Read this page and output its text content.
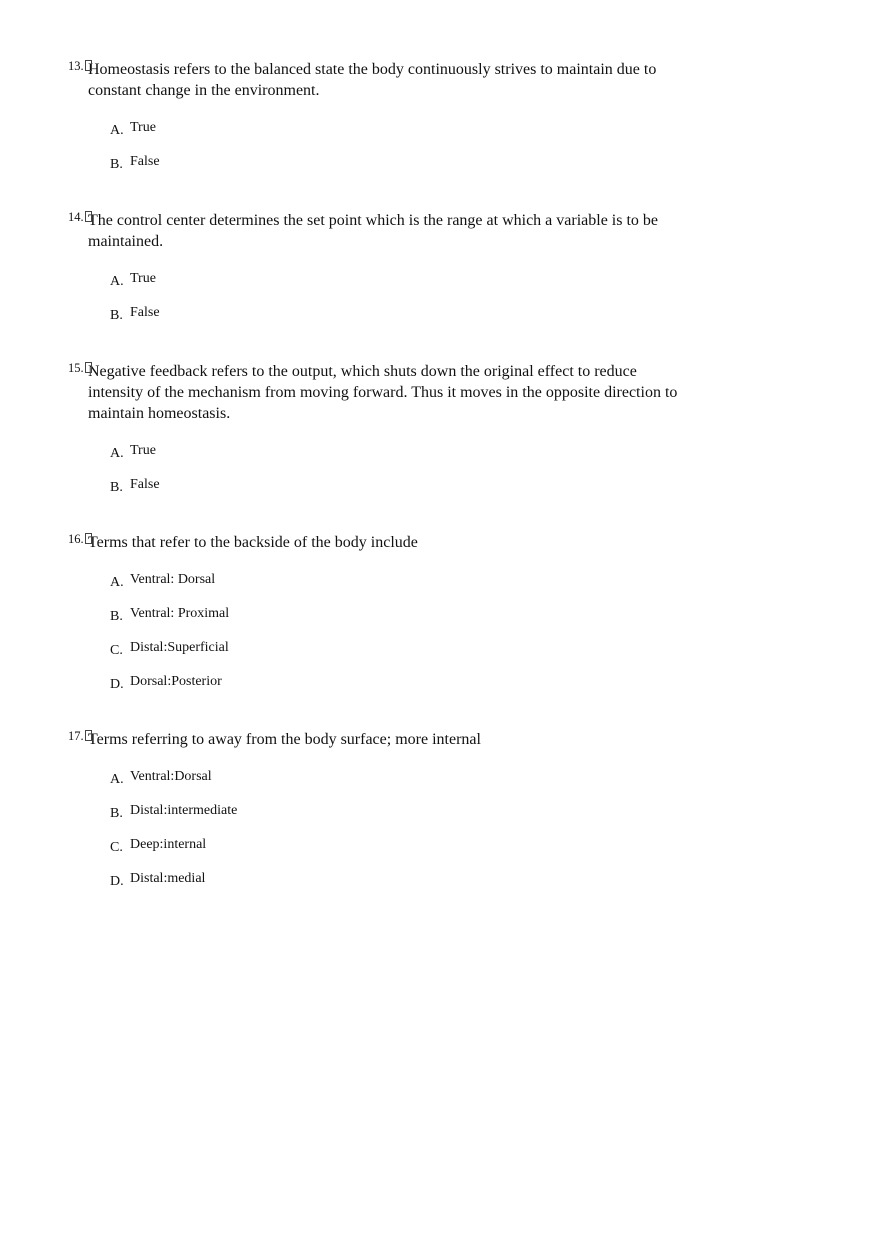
13. Homeostasis refers to the balanced state the body continuously strives to maintain due to constant change in the environment.
A. True
B. False
14. The control center determines the set point which is the range at which a variable is to be maintained.
A. True
B. False
15. Negative feedback refers to the output, which shuts down the original effect to reduce intensity of the mechanism from moving forward. Thus it moves in the opposite direction to maintain homeostasis.
A. True
B. False
16. Terms that refer to the backside of the body include
A. Ventral: Dorsal
B. Ventral: Proximal
C. Distal:Superficial
D. Dorsal:Posterior
17. Terms referring to away from the body surface; more internal
A. Ventral:Dorsal
B. Distal:intermediate
C. Deep:internal
D. Distal:medial
